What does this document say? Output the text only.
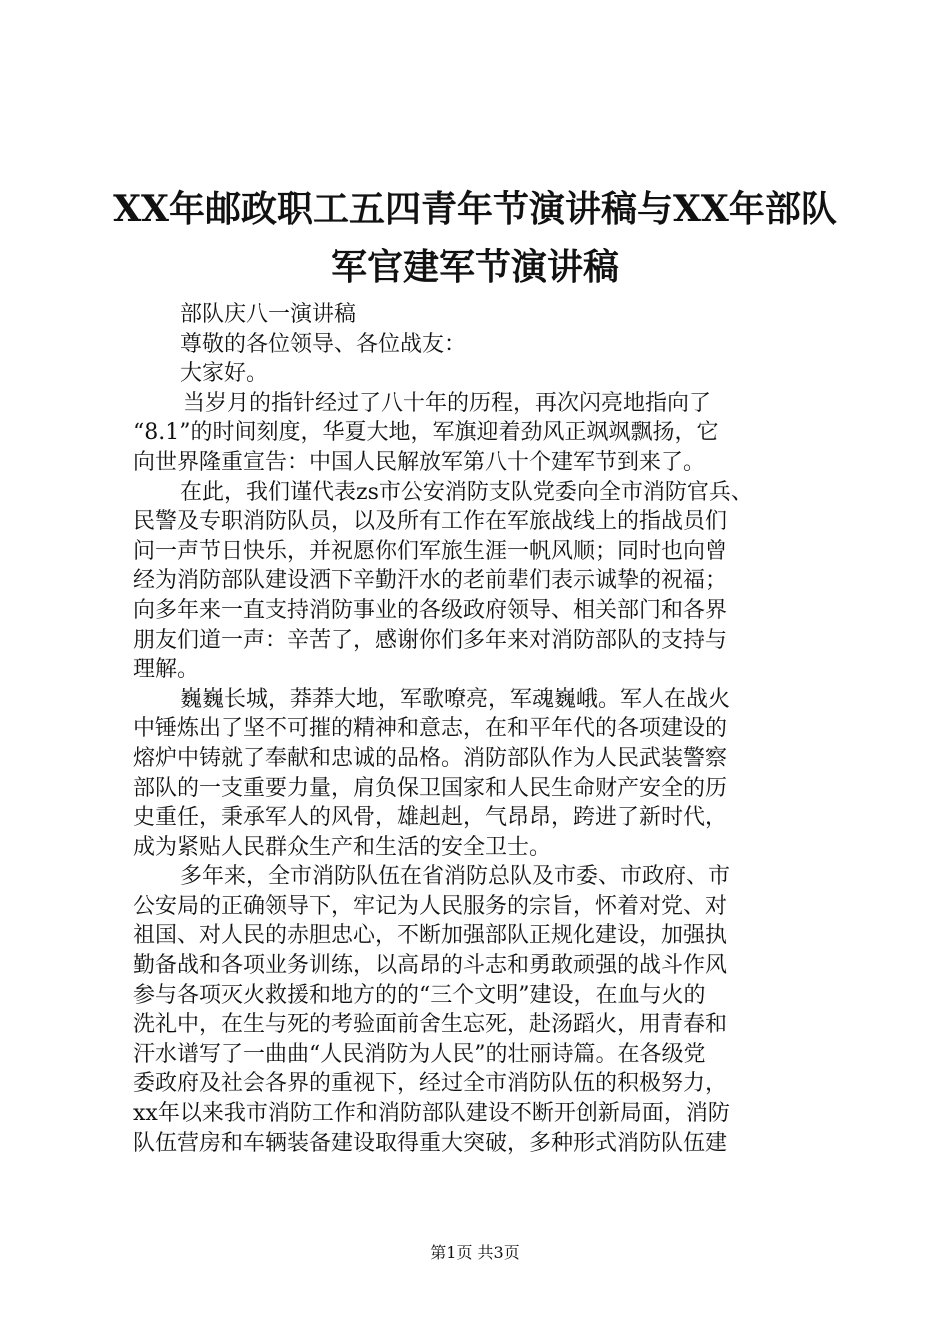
XX年邮政职工五四青年节演讲稿与XX年部队
军官建军节演讲稿
部队庆八一演讲稿
尊敬的各位领导、各位战友：
大家好。
当岁月的指针经过了八十年的历程，再次闪亮地指向了
“8.1”的时间刻度，华夏大地，军旗迎着劲风正飒飒飘扬，它
向世界隆重宣告：中国人民解放军第八十个建军节到来了。
在此，我们谨代表zs市公安消防支队党委向全市消防官兵、
民警及专职消防队员，以及所有工作在军旅战线上的指战员们
问一声节日快乐，并祝愿你们军旅生涯一帆风顺；同时也向曾
经为消防部队建设洒下辛勤汗水的老前辈们表示诚挚的祝福；
向多年来一直支持消防事业的各级政府领导、相关部门和各界
朋友们道一声：辛苦了，感谢你们多年来对消防部队的支持与
理解。
巍巍长城，莽莽大地，军歌嘹亮，军魂巍峨。军人在战火
中锤炼出了坚不可摧的精神和意志，在和平年代的各项建设的
熔炉中铸就了奉献和忠诚的品格。消防部队作为人民武装警察
部队的一支重要力量，肩负保卫国家和人民生命财产安全的历
史重任，秉承军人的风骨，雄赳赳，气昂昂，跨进了新时代，
成为紧贴人民群众生产和生活的安全卫士。
多年来，全市消防队伍在省消防总队及市委、市政府、市
公安局的正确领导下，牢记为人民服务的宗旨，怀着对党、对
祖国、对人民的赤胆忠心，不断加强部队正规化建设，加强执
勤备战和各项业务训练，以高昂的斗志和勇敢顽强的战斗作风
参与各项灭火救援和地方的的“三个文明”建设，在血与火的
洗礼中，在生与死的考验面前舍生忘死，赴汤蹈火，用青春和
汗水谱写了一曲曲“人民消防为人民”的壮丽诗篇。在各级党
委政府及社会各界的重视下，经过全市消防队伍的积极努力，
xx年以来我市消防工作和消防部队建设不断开创新局面，消防
队伍营房和车辆装备建设取得重大突破，多种形式消防队伍建
第1页 共3页
